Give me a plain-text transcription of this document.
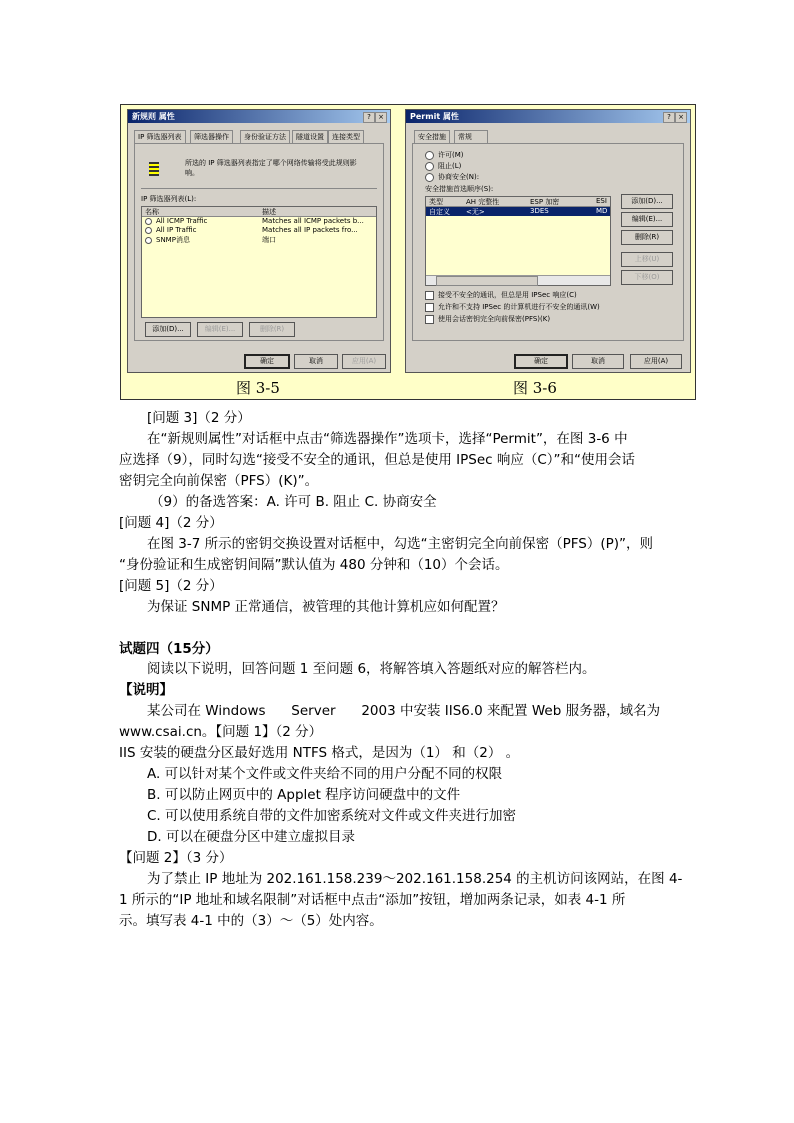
新规则 属性	?	×
IP 筛选器列表	筛选器操作	身份验证方法	隧道设置	连接类型
所选的 IP 筛选器列表指定了哪个网络传输将受此规则影响。
IP 筛选器列表(L):
名称	描述
All ICMP Traffic	Matches all ICMP packets b...
All IP Traffic	Matches all IP packets fro...
SNMP消息	端口
添加(D)...	编辑(E)...	删除(R)
确定	取消	应用(A)
Permit 属性	?	×
安全措施	常规
许可(M)
阻止(L)
协商安全(N):
安全措施首选顺序(S):
类型	AH 完整性	ESP 加密	ESI
自定义 <无>	3DES	MD
添加(D)...
编辑(E)...
删除(R)
上移(U)
下移(O)
接受不安全的通讯，但总是用 IPSec 响应(C)
允许和不支持 IPSec 的计算机进行不安全的通讯(W)
使用会话密钥完全向前保密(PFS)(K)
确定	取消	应用(A)
图 3-5	图 3-6
[问题 3]（2 分）
在“新规则属性”对话框中点击“筛选器操作”选项卡，选择“Permit”，在图 3-6 中
应选择（9），同时勾选“接受不安全的通讯，但总是使用 IPSec 响应（C）”和“使用会话
密钥完全向前保密（PFS）(K)”。
（9）的备选答案：A. 许可 B. 阻止 C. 协商安全
[问题 4]（2 分）
在图 3-7 所示的密钥交换设置对话框中，勾选“主密钥完全向前保密（PFS）(P)”，则
“身份验证和生成密钥间隔”默认值为 480 分钟和（10）个会话。
[问题 5]（2 分）
为保证 SNMP 正常通信，被管理的其他计算机应如何配置？
试题四（15分）
阅读以下说明，回答问题 1 至问题 6，将解答填入答题纸对应的解答栏内。
【说明】
某公司在 Windows      Server      2003 中安装 IIS6.0 来配置 Web 服务器，域名为
www.csai.cn。【问题 1】（2 分）
IIS 安装的硬盘分区最好选用 NTFS 格式，是因为（1） 和（2） 。
A. 可以针对某个文件或文件夹给不同的用户分配不同的权限
B. 可以防止网页中的 Applet 程序访问硬盘中的文件
C. 可以使用系统自带的文件加密系统对文件或文件夹进行加密
D. 可以在硬盘分区中建立虚拟目录
【问题 2】（3 分）
为了禁止 IP 地址为 202.161.158.239～202.161.158.254 的主机访问该网站，在图 4-
1 所示的“IP 地址和域名限制”对话框中点击“添加”按钮，增加两条记录，如表 4-1 所
示。填写表 4-1 中的（3）～（5）处内容。
